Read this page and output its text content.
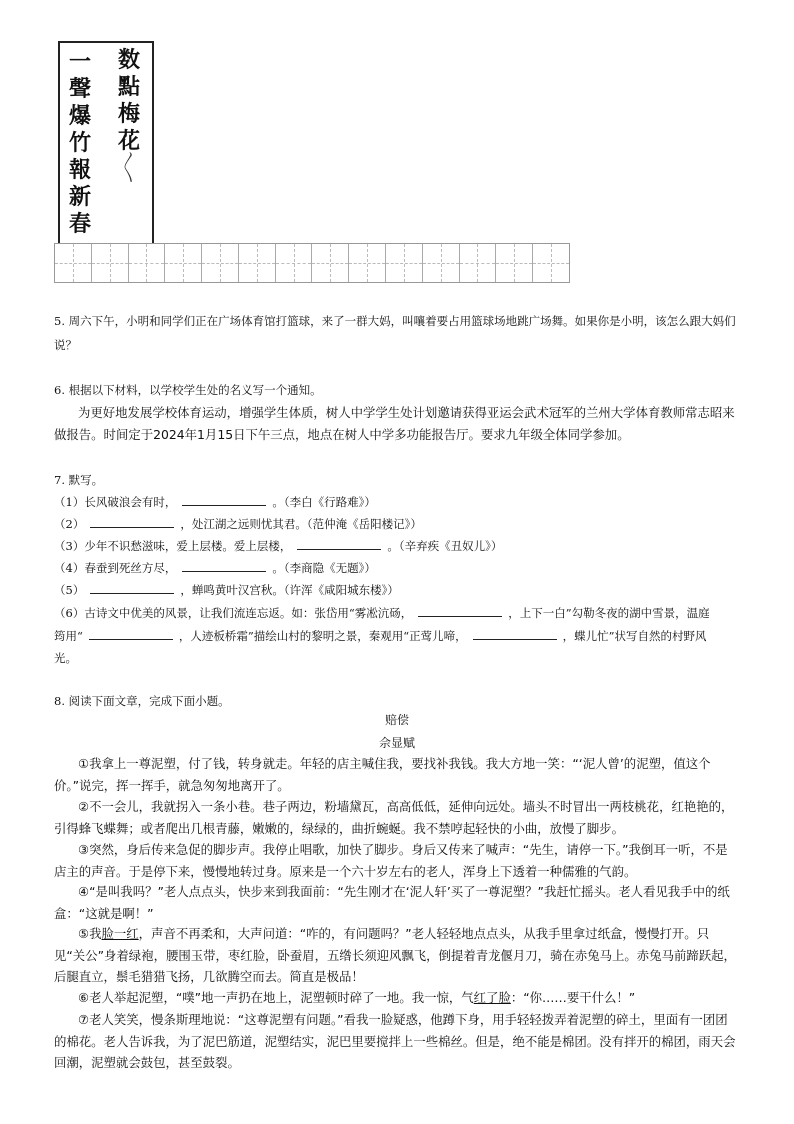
一聲爆竹報新春
数點梅花
〳〵
5. 周六下午，小明和同学们正在广场体育馆打篮球，来了一群大妈，叫嚷着要占用篮球场地跳广场舞。如果你是小明，该怎么跟大妈们说？
6. 根据以下材料，以学校学生处的名义写一个通知。
为更好地发展学校体育运动，增强学生体质，树人中学学生处计划邀请获得亚运会武术冠军的兰州大学体育教师常志昭来做报告。时间定于2024年1月15日下午三点，地点在树人中学多功能报告厅。要求九年级全体同学参加。
7. 默写。
（1）长风破浪会有时，	。（李白《行路难》）
（2）	，处江湖之远则忧其君。（范仲淹《岳阳楼记》）
（3）少年不识愁滋味，爱上层楼。爱上层楼，	。（辛弃疾《丑奴儿》）
（4）春蚕到死丝方尽，	。（李商隐《无题》）
（5）	，蝉鸣黄叶汉宫秋。（许浑《咸阳城东楼》）
（6）古诗文中优美的风景，让我们流连忘返。如：张岱用“雾凇沆砀，	，上下一白”勾勒冬夜的湖中雪景，温庭
筠用“	，人迹板桥霜”描绘山村的黎明之景，秦观用“正莺儿啼，	，蝶儿忙”状写自然的村野风
光。
8. 阅读下面文章，完成下面小题。
赔偿
佘显赋
①我拿上一尊泥塑，付了钱，转身就走。年轻的店主喊住我，要找补我钱。我大方地一笑：“‘泥人曾’的泥塑，值这个价。”说完，挥一挥手，就急匆匆地离开了。
②不一会儿，我就拐入一条小巷。巷子两边，粉墙黛瓦，高高低低，延伸向远处。墙头不时冒出一两枝桃花，红艳艳的，引得蜂飞蝶舞；或者爬出几根青藤，嫩嫩的，绿绿的，曲折蜿蜒。我不禁哼起轻快的小曲，放慢了脚步。
③突然，身后传来急促的脚步声。我停止唱歌，加快了脚步。身后又传来了喊声：“先生，请停一下。”我倒耳一听，不是店主的声音。于是停下来，慢慢地转过身。原来是一个六十岁左右的老人，浑身上下透着一种儒雅的气韵。
④“是叫我吗？”老人点点头，快步来到我面前：“先生刚才在‘泥人轩’买了一尊泥塑？”我赶忙摇头。老人看见我手中的纸盒：“这就是啊！”
⑤我脸一红，声音不再柔和，大声问道：“咋的，有问题吗？”老人轻轻地点点头，从我手里拿过纸盒，慢慢打开。只见“关公”身着绿袍，腰围玉带，枣红脸，卧蚕眉，五绺长须迎风飘飞，倒提着青龙偃月刀，骑在赤兔马上。赤兔马前蹄跃起，后腿直立，鬃毛猎猎飞扬，几欲腾空而去。简直是极品！
⑥老人举起泥塑，“噗”地一声扔在地上，泥塑顿时碎了一地。我一惊，气红了脸：“你……要干什么！”
⑦老人笑笑，慢条斯理地说：“这尊泥塑有问题。”看我一脸疑惑，他蹲下身，用手轻轻拨弄着泥塑的碎土，里面有一团团的棉花。老人告诉我，为了泥巴筋道，泥塑结实，泥巴里要搅拌上一些棉丝。但是，绝不能是棉团。没有拌开的棉团，雨天会回潮，泥塑就会鼓包，甚至鼓裂。
